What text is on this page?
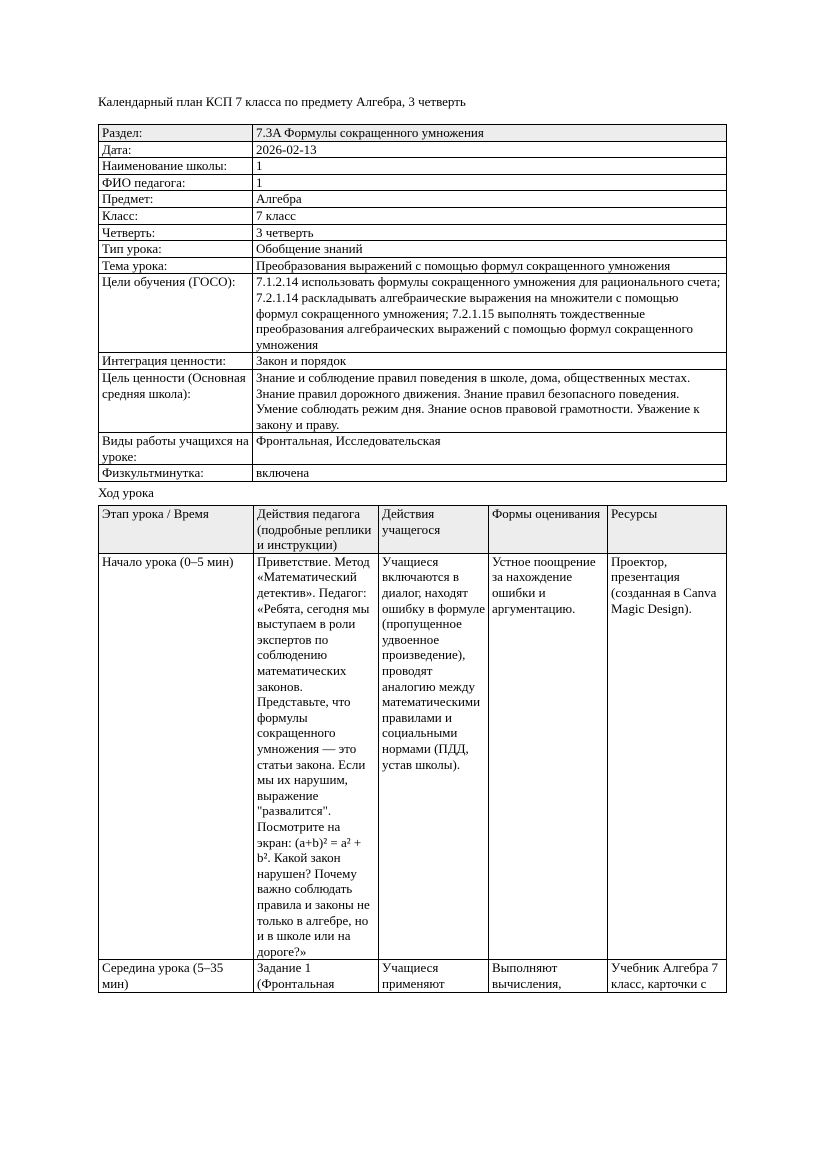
Календарный план КСП 7 класса по предмету Алгебра, 3 четверть

Раздел:	7.3A Формулы сокращенного умножения
Дата:	2026-02-13
Наименование школы:	1
ФИО педагога:	1
Предмет:	Алгебра
Класс:	7 класс
Четверть:	3 четверть
Тип урока:	Обобщение знаний
Тема урока:	Преобразования выражений с помощью формул сокращенного умножения
Цели обучения (ГОСО):	7.1.2.14 использовать формулы сокращенного умножения для рационального счета; 7.2.1.14 раскладывать алгебраические выражения на множители с помощью формул сокращенного умножения; 7.2.1.15 выполнять тождественные преобразования алгебраических выражений с помощью формул сокращенного умножения
Интеграция ценности:	Закон и порядок
Цель ценности (Основная средняя школа):	Знание и соблюдение правил поведения в школе, дома, общественных местах. Знание правил дорожного движения. Знание правил безопасного поведения. Умение соблюдать режим дня. Знание основ правовой грамотности. Уважение к закону и праву.
Виды работы учащихся на уроке:	Фронтальная, Исследовательская
Физкультминутка:	включена

Ход урока

Этап урока / Время	Действия педагога (подробные реплики и инструкции)	Действия учащегося	Формы оценивания	Ресурсы
Начало урока (0–5 мин)	Приветствие. Метод «Математический детектив». Педагог: «Ребята, сегодня мы выступаем в роли экспертов по соблюдению математических законов. Представьте, что формулы сокращенного умножения — это статьи закона. Если мы их нарушим, выражение "развалится". Посмотрите на экран: (a+b)² = a² + b². Какой закон нарушен? Почему важно соблюдать правила и законы не только в алгебре, но и в школе или на дороге?»	Учащиеся включаются в диалог, находят ошибку в формуле (пропущенное удвоенное произведение), проводят аналогию между математическими правилами и социальными нормами (ПДД, устав школы).	Устное поощрение за нахождение ошибки и аргументацию.	Проектор, презентация (созданная в Canva Magic Design).

Середина урока (5–35 мин)	Задание 1 (Фронтальная	Учащиеся применяют	Выполняют вычисления,	Учебник Алгебра 7 класс, карточки с
